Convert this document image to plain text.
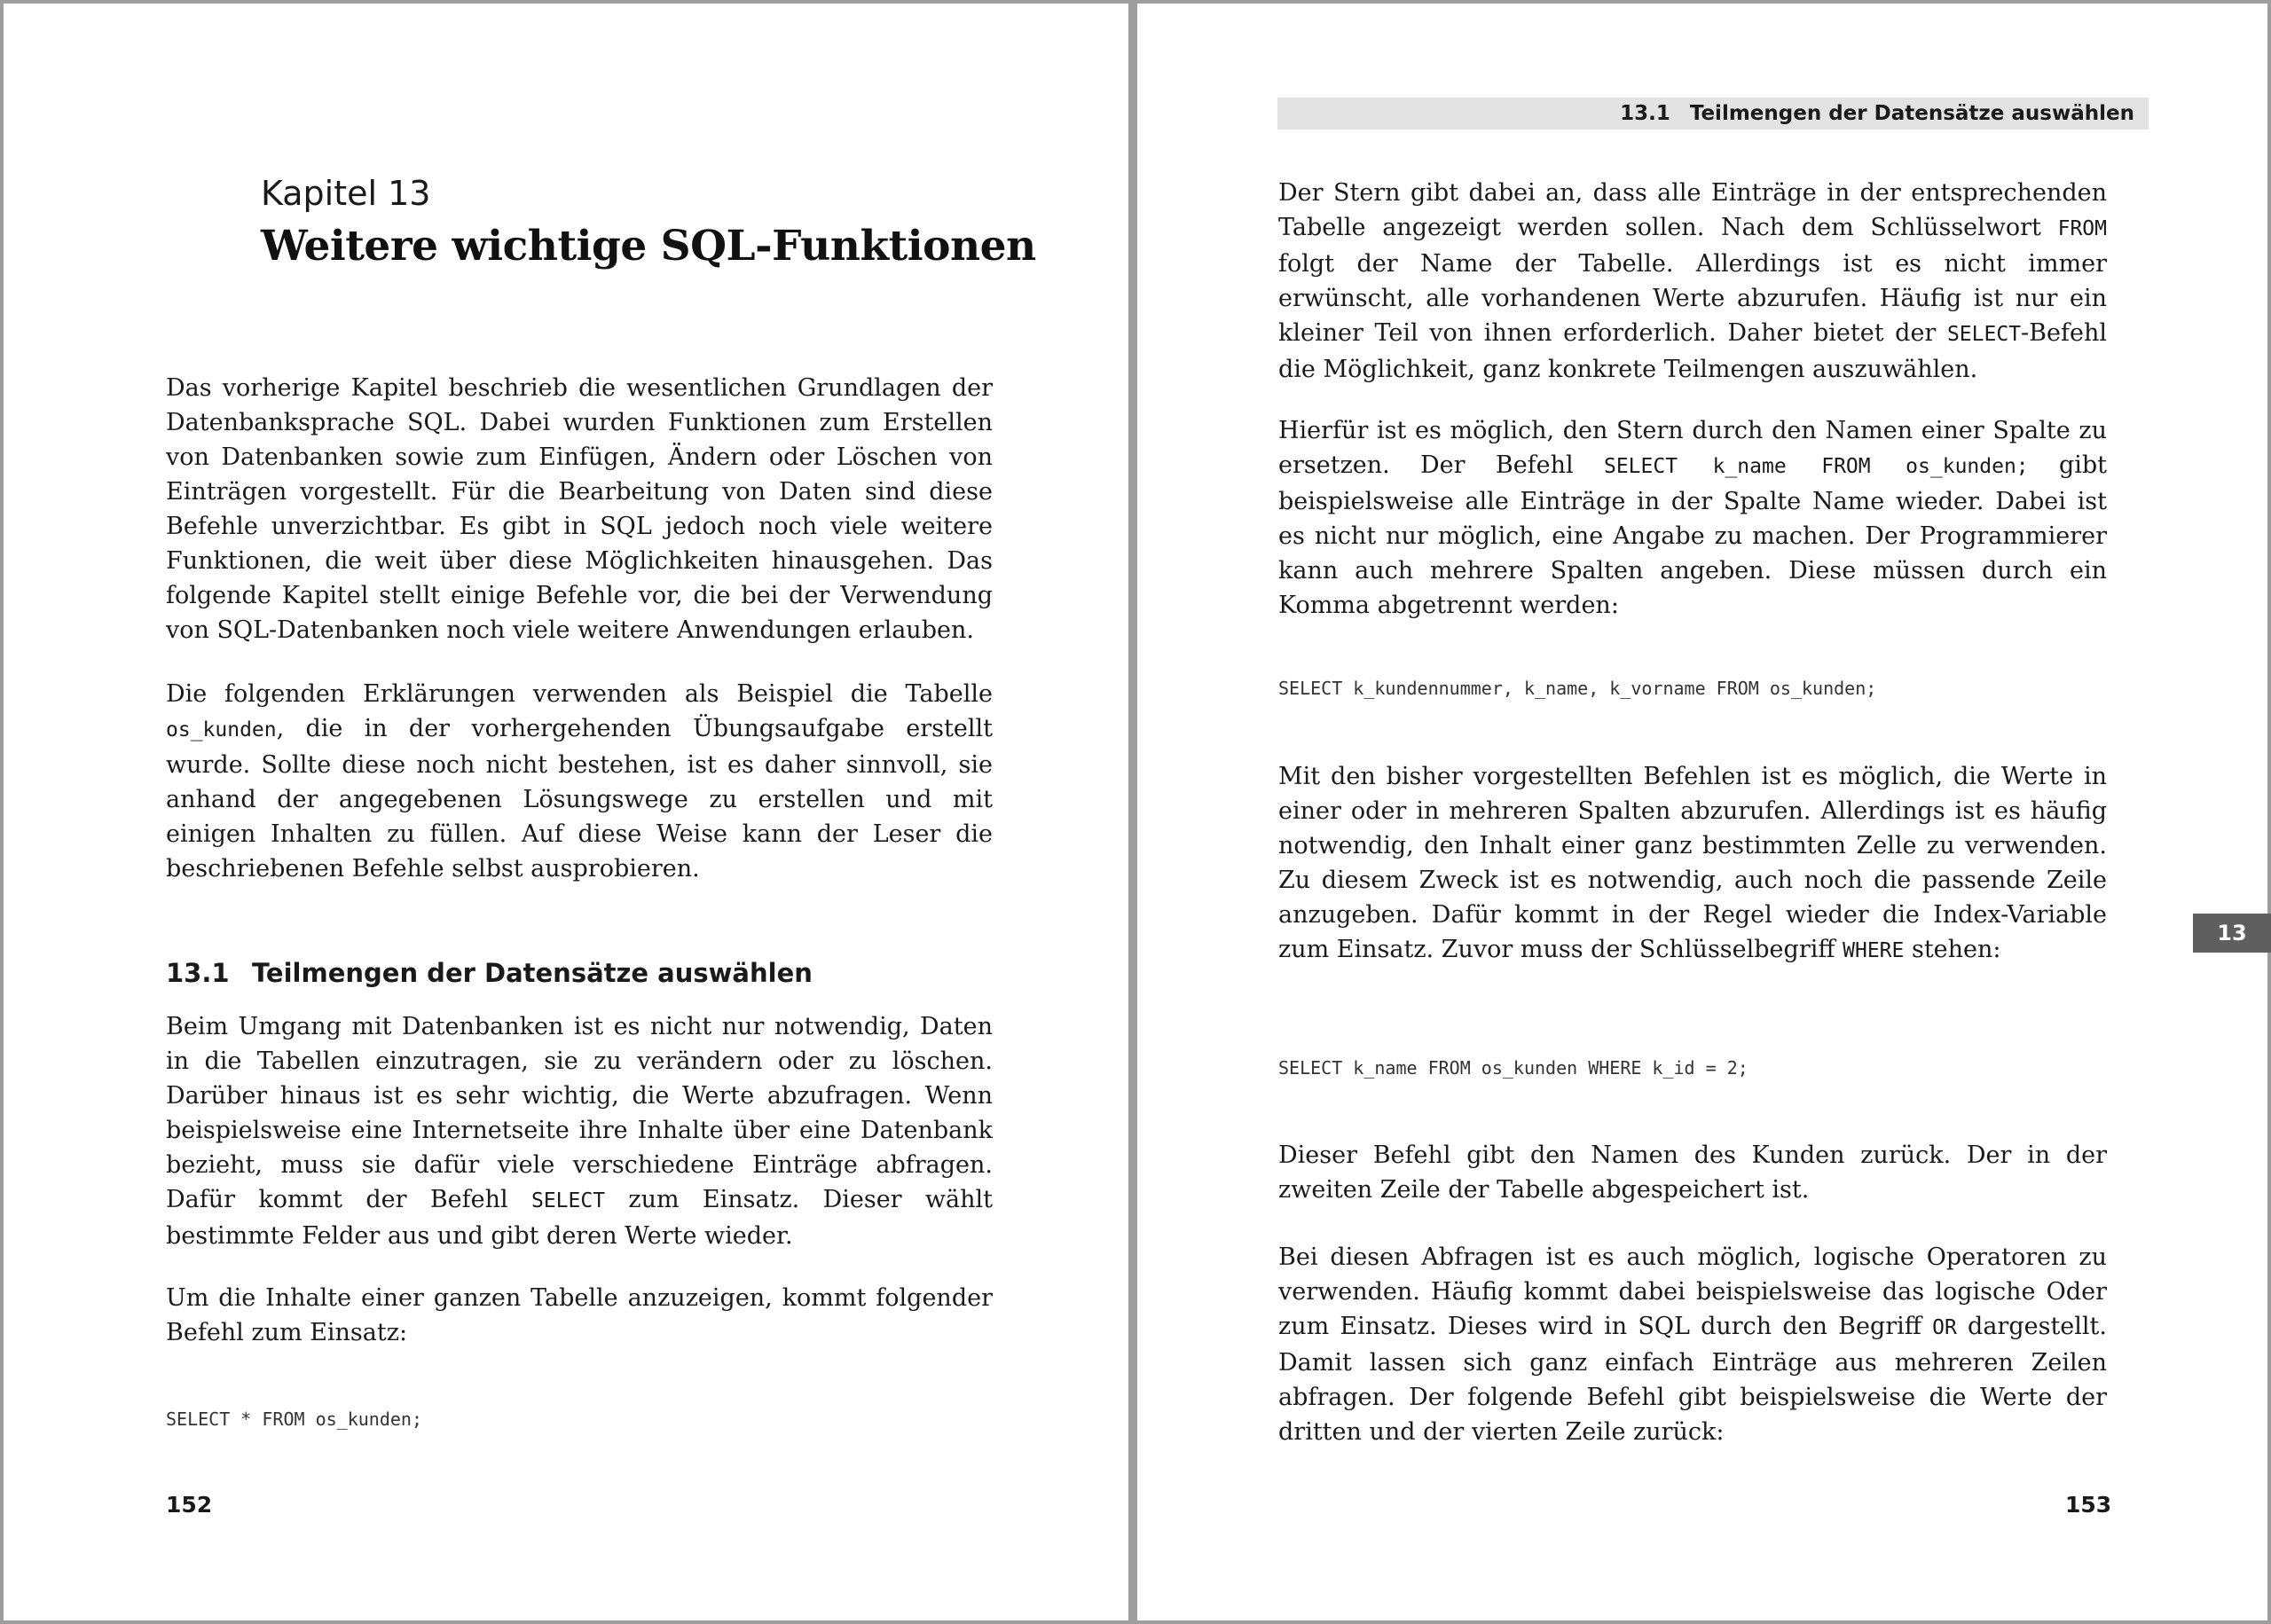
Kapitel 13
Weitere wichtige SQL-Funktionen

Das vorherige Kapitel beschrieb die wesentlichen Grundlagen der Datenbanksprache SQL. Dabei wurden Funktionen zum Erstellen von Datenbanken sowie zum Einfügen, Ändern oder Löschen von Einträgen vorgestellt. Für die Bearbeitung von Daten sind diese Befehle unverzichtbar. Es gibt in SQL jedoch noch viele weitere Funktionen, die weit über diese Möglichkeiten hinausgehen. Das folgende Kapitel stellt einige Befehle vor, die bei der Verwendung von SQL-Datenbanken noch viele weitere Anwendungen erlauben.

Die folgenden Erklärungen verwenden als Beispiel die Tabelle os_kunden, die in der vorhergehenden Übungsaufgabe erstellt wurde. Sollte diese noch nicht bestehen, ist es daher sinnvoll, sie anhand der angegebenen Lösungswege zu erstellen und mit einigen Inhalten zu füllen. Auf diese Weise kann der Leser die beschriebenen Befehle selbst ausprobieren.

13.1 Teilmengen der Datensätze auswählen

Beim Umgang mit Datenbanken ist es nicht nur notwendig, Daten in die Tabellen einzutragen, sie zu verändern oder zu löschen. Darüber hinaus ist es sehr wichtig, die Werte abzufragen. Wenn beispielsweise eine Internetseite ihre Inhalte über eine Datenbank bezieht, muss sie dafür viele verschiedene Einträge abfragen. Dafür kommt der Befehl SELECT zum Einsatz. Dieser wählt bestimmte Felder aus und gibt deren Werte wieder.

Um die Inhalte einer ganzen Tabelle anzuzeigen, kommt folgender Befehl zum Einsatz:

SELECT * FROM os_kunden;
152
13.1 Teilmengen der Datensätze auswählen

Der Stern gibt dabei an, dass alle Einträge in der entsprechenden Tabelle angezeigt werden sollen. Nach dem Schlüsselwort FROM folgt der Name der Tabelle. Allerdings ist es nicht immer erwünscht, alle vorhandenen Werte abzurufen. Häufig ist nur ein kleiner Teil von ihnen erforderlich. Daher bietet der SELECT-Befehl die Möglichkeit, ganz konkrete Teilmengen auszuwählen.

Hierfür ist es möglich, den Stern durch den Namen einer Spalte zu ersetzen. Der Befehl SELECT k_name FROM os_kunden; gibt beispielsweise alle Einträge in der Spalte Name wieder. Dabei ist es nicht nur möglich, eine Angabe zu machen. Der Programmierer kann auch mehrere Spalten angeben. Diese müssen durch ein Komma abgetrennt werden:

SELECT k_kundennummer, k_name, k_vorname FROM os_kunden;

Mit den bisher vorgestellten Befehlen ist es möglich, die Werte in einer oder in mehreren Spalten abzurufen. Allerdings ist es häufig notwendig, den Inhalt einer ganz bestimmten Zelle zu verwenden. Zu diesem Zweck ist es notwendig, auch noch die passende Zeile anzugeben. Dafür kommt in der Regel wieder die Index-Variable zum Einsatz. Zuvor muss der Schlüsselbegriff WHERE stehen:

SELECT k_name FROM os_kunden WHERE k_id = 2;

Dieser Befehl gibt den Namen des Kunden zurück. Der in der zweiten Zeile der Tabelle abgespeichert ist.

Bei diesen Abfragen ist es auch möglich, logische Operatoren zu verwenden. Häufig kommt dabei beispielsweise das logische Oder zum Einsatz. Dieses wird in SQL durch den Begriff OR dargestellt. Damit lassen sich ganz einfach Einträge aus mehreren Zeilen abfragen. Der folgende Befehl gibt beispielsweise die Werte der dritten und der vierten Zeile zurück:

13
153
